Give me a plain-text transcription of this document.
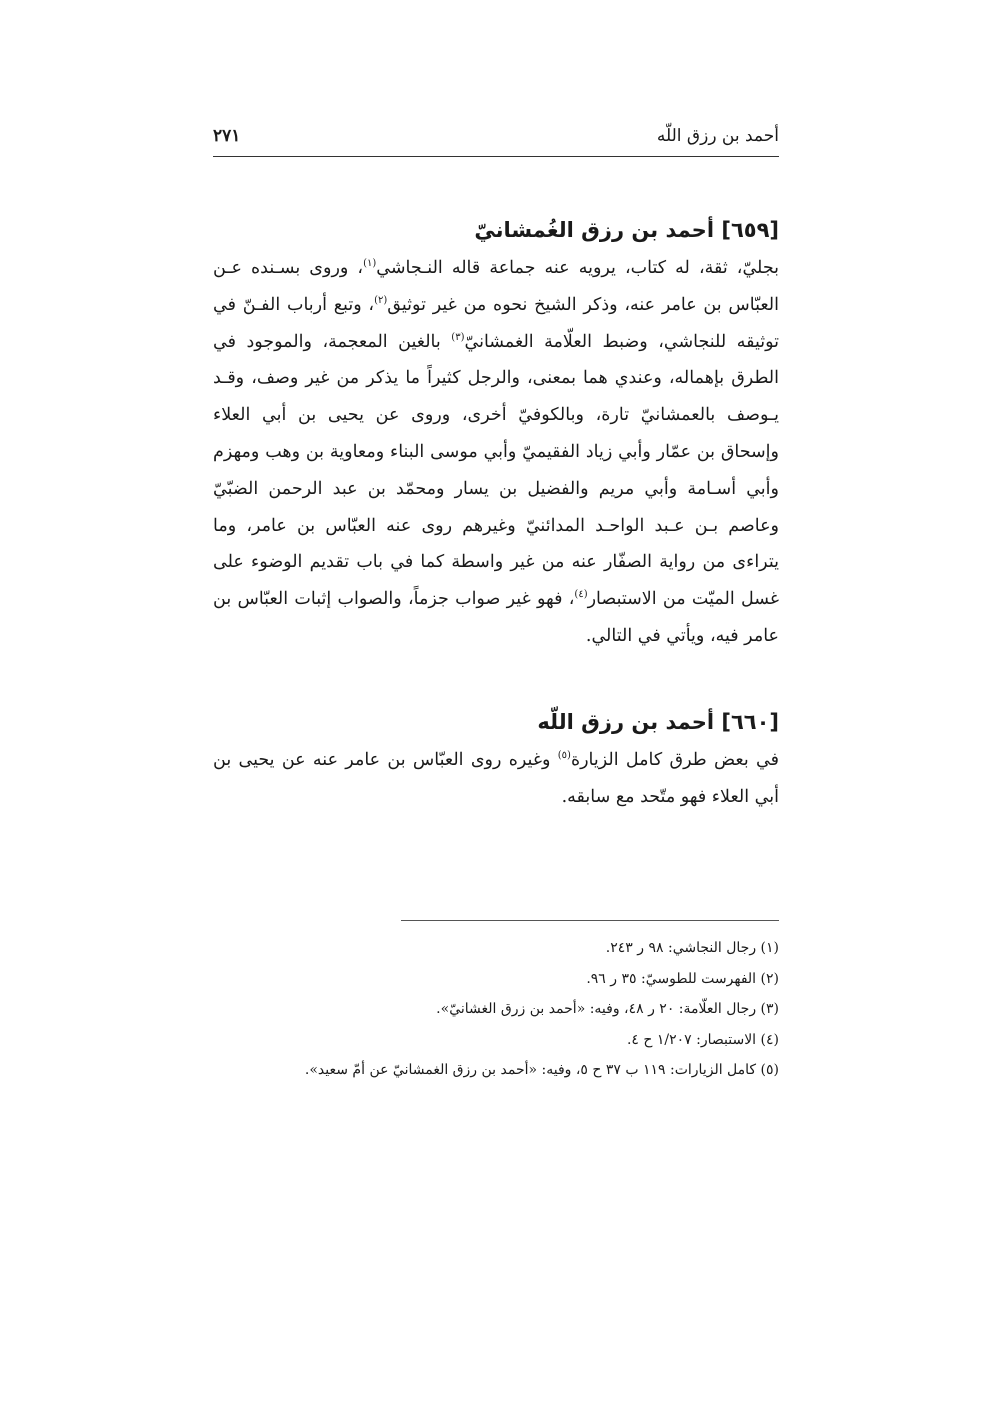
أحمد بن رزق اللّه
٢٧١
[٦٥٩] أحمد بن رزق الغُمشانيّ

بجليّ، ثقة، له كتاب، يرويه عنه جماعة قاله النـجاشي$^{(١)}$، وروى بسـنده عـن العبّاس بن عامر عنه، وذكر الشيخ نحوه من غير توثيق$^{(٢)}$، وتبع أرباب الفـنّ في توثيقه للنجاشي، وضبط العلّامة الغمشانيّ$^{(٣)}$ بالغين المعجمة، والموجود في الطرق بإهماله، وعندي هما بمعنى، والرجل كثيراً ما يذكر من غير وصف، وقـد يـوصف بالعمشانيّ تارة، وبالكوفيّ أخرى، وروى عن يحيى بن أبي العلاء وإسحاق بن عمّار وأبي زياد الفقيميّ وأبي موسى البناء ومعاوية بن وهب ومهزم وأبي أسـامة وأبي مريم والفضيل بن يسار ومحمّد بن عبد الرحمن الضبّيّ وعاصم بـن عـبد الواحـد المدائنيّ وغيرهم روى عنه العبّاس بن عامر، وما يتراءى من رواية الصفّار عنه من غير واسطة كما في باب تقديم الوضوء على غسل الميّت من الاستبصار$^{(٤)}$، فهو غير صواب جزماً، والصواب إثبات العبّاس بن عامر فيه، ويأتي في التالي.

[٦٦٠] أحمد بن رزق اللّه

في بعض طرق كامل الزيارة$^{(٥)}$ وغيره روى العبّاس بن عامر عنه عن يحيى بن أبي العلاء فهو متّحد مع سابقه.

(١) رجال النجاشي: ٩٨ ر ٢٤٣.

(٢) الفهرست للطوسيّ: ٣٥ ر ٩٦.

(٣) رجال العلّامة: ٢٠ ر ٤٨، وفيه: «أحمد بن زرق الغشانيّ».

(٤) الاستبصار: ١/٢٠٧ ح ٤.

(٥) كامل الزيارات: ١١٩ ب ٣٧ ح ٥، وفيه: «أحمد بن رزق الغمشانيّ عن أمّ سعيد».
